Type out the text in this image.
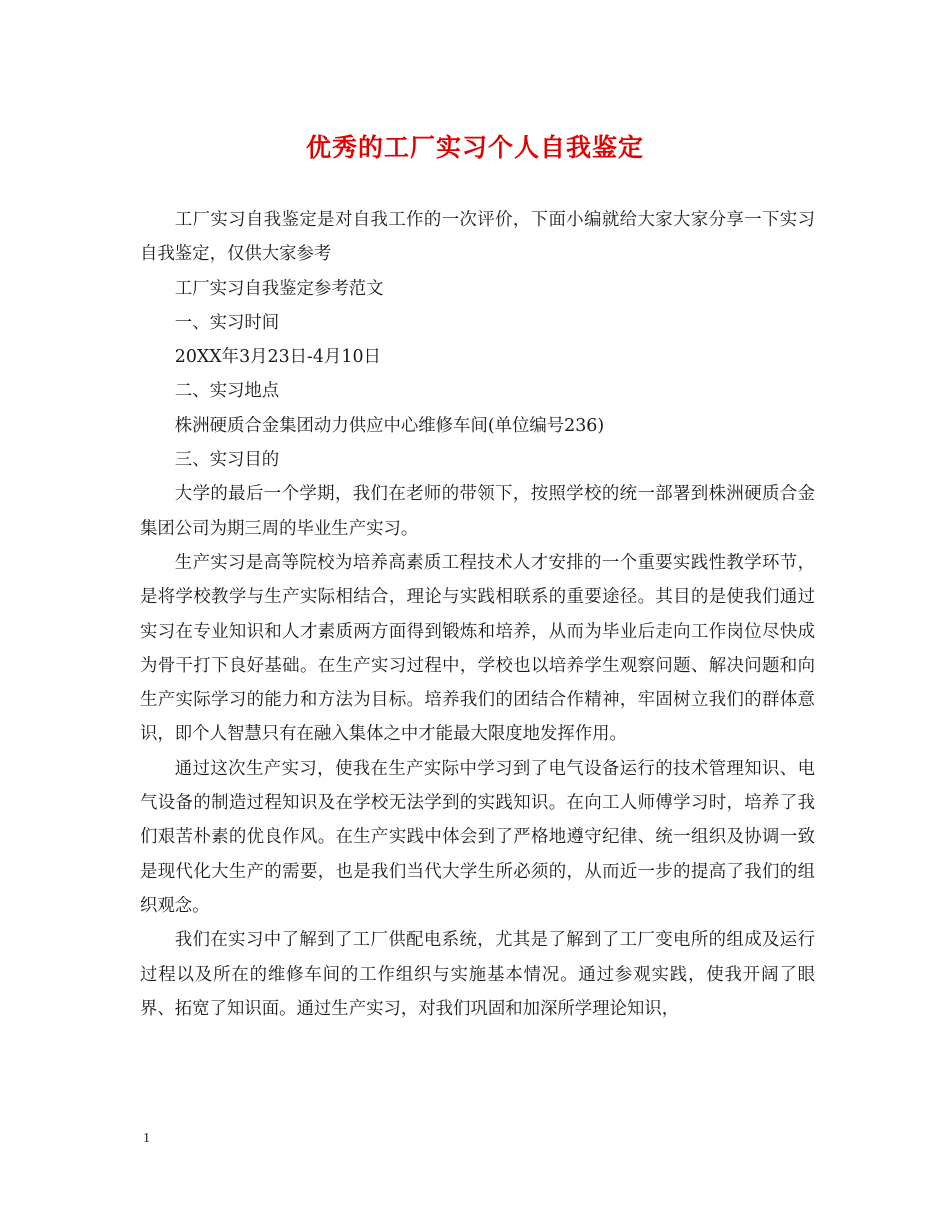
优秀的工厂实习个人自我鉴定

工厂实习自我鉴定是对自我工作的一次评价，下面小编就给大家大家分享一下实习自我鉴定，仅供大家参考

工厂实习自我鉴定参考范文

一、实习时间

20XX年3月23日-4月10日

二、实习地点

株洲硬质合金集团动力供应中心维修车间(单位编号236)

三、实习目的

大学的最后一个学期，我们在老师的带领下，按照学校的统一部署到株洲硬质合金集团公司为期三周的毕业生产实习。

生产实习是高等院校为培养高素质工程技术人才安排的一个重要实践性教学环节，是将学校教学与生产实际相结合，理论与实践相联系的重要途径。其目的是使我们通过实习在专业知识和人才素质两方面得到锻炼和培养，从而为毕业后走向工作岗位尽快成为骨干打下良好基础。在生产实习过程中，学校也以培养学生观察问题、解决问题和向生产实际学习的能力和方法为目标。培养我们的团结合作精神，牢固树立我们的群体意识，即个人智慧只有在融入集体之中才能最大限度地发挥作用。

通过这次生产实习，使我在生产实际中学习到了电气设备运行的技术管理知识、电气设备的制造过程知识及在学校无法学到的实践知识。在向工人师傅学习时，培养了我们艰苦朴素的优良作风。在生产实践中体会到了严格地遵守纪律、统一组织及协调一致是现代化大生产的需要，也是我们当代大学生所必须的，从而近一步的提高了我们的组织观念。

我们在实习中了解到了工厂供配电系统，尤其是了解到了工厂变电所的组成及运行过程以及所在的维修车间的工作组织与实施基本情况。通过参观实践，使我开阔了眼界、拓宽了知识面。通过生产实习，对我们巩固和加深所学理论知识，

1
